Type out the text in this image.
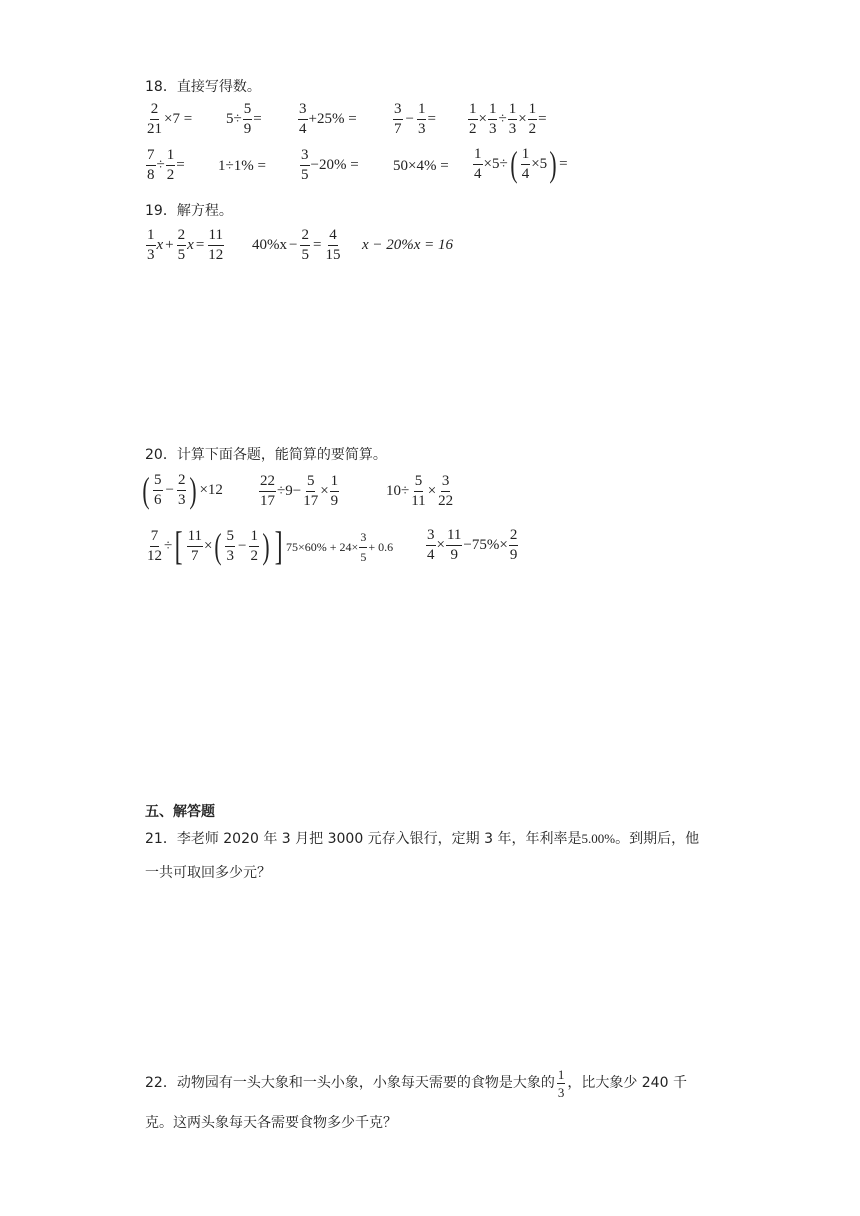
18．直接写得数。
$\frac{2}{21} \times 7 = 5\div \frac{5}{9}$ =
3
4
+25% =
3
7
− $\frac{1}{3} = \frac{1}{2} \times \frac{1}{3} \div \frac{1}{3} \times \frac{1}{2}$ =
$\frac{7}{8} \div \frac{1}{2} = 1\div 1\%$ =
3
5
$-20\% = 50\times 4\% = \frac{1}{4} \times 5\div$ ( $\frac{1}{4} \times 5$ ) =
19．解方程。
1
3
$x + \frac{2}{5}$ $x = \frac{11}{12} 40\%x - \frac{2}{5} = \frac{4}{15}$ x − 20%x = 16
20．计算下面各题，能简算的要简算。
( 5
6
− $\frac{2}{3}$ ) $\times 12 \frac{22}{17} \div 9- \frac{5}{17} \times \frac{1}{9}$	$10\div \frac{5}{11} \times \frac{3}{22}$
$\frac{7}{12}$ ÷ [ $\frac{11}{7}$ × ( 5
3
− $\frac{1}{2}$ ) ] $75\times 60\% + 24\times \frac{3}{5} + 0.6 \frac{3}{4} \times \frac{11}{9} -75\%\times \frac{2}{9}$
五、解答题
21．李老师 2020 年 3 月把 3000 元存入银行，定期 3 年，年利率是5.00%。到期后，他
一共可取回多少元？
22．动物园有一头大象和一头小象，小象每天需要的食物是大象的 $\frac{1}{3}$ ，比大象少 240 千
克。这两头象每天各需要食物多少千克？
